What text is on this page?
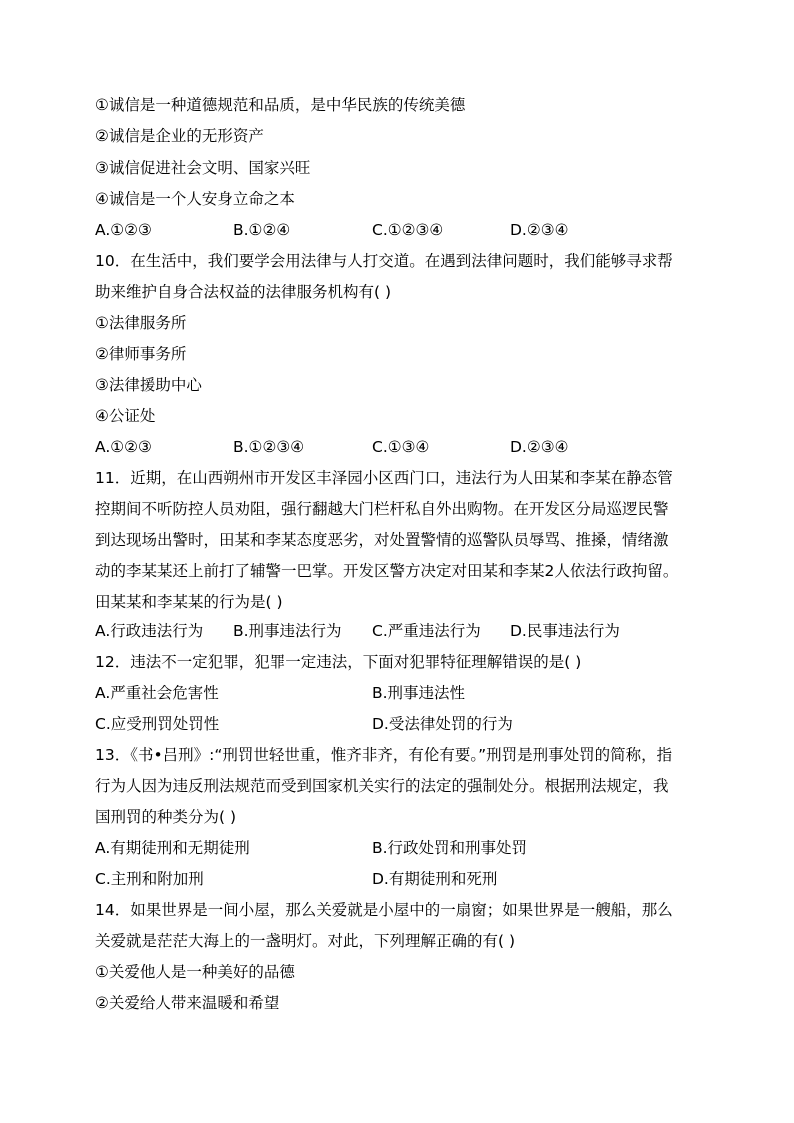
①诚信是一种道德规范和品质，是中华民族的传统美德
②诚信是企业的无形资产
③诚信促进社会文明、国家兴旺
④诚信是一个人安身立命之本
A.①②③	B.①②④	C.①②③④	D.②③④
10．在生活中，我们要学会用法律与人打交道。在遇到法律问题时，我们能够寻求帮
助来维护自身合法权益的法律服务机构有( )
①法律服务所
②律师事务所
③法律援助中心
④公证处
A.①②③	B.①②③④	C.①③④	D.②③④
11．近期，在山西朔州市开发区丰泽园小区西门口，违法行为人田某和李某在静态管
控期间不听防控人员劝阻，强行翻越大门栏杆私自外出购物。在开发区分局巡逻民警
到达现场出警时，田某和李某态度恶劣，对处置警情的巡警队员辱骂、推搡，情绪激
动的李某某还上前打了辅警一巴掌。开发区警方决定对田某和李某2人依法行政拘留。
田某某和李某某的行为是( )
A.行政违法行为 B.刑事违法行为 C.严重违法行为 D.民事违法行为
12．违法不一定犯罪，犯罪一定违法，下面对犯罪特征理解错误的是( )
A.严重社会危害性	B.刑事违法性
C.应受刑罚处罚性	D.受法律处罚的行为
13．《书•吕刑》:“刑罚世轻世重，惟齐非齐，有伦有要。”刑罚是刑事处罚的简称，指
行为人因为违反刑法规范而受到国家机关实行的法定的强制处分。根据刑法规定，我
国刑罚的种类分为( )
A.有期徒刑和无期徒刑	B.行政处罚和刑事处罚
C.主刑和附加刑	D.有期徒刑和死刑
14．如果世界是一间小屋，那么关爱就是小屋中的一扇窗；如果世界是一艘船，那么
关爱就是茫茫大海上的一盏明灯。对此，下列理解正确的有( )
①关爱他人是一种美好的品德
②关爱给人带来温暖和希望
